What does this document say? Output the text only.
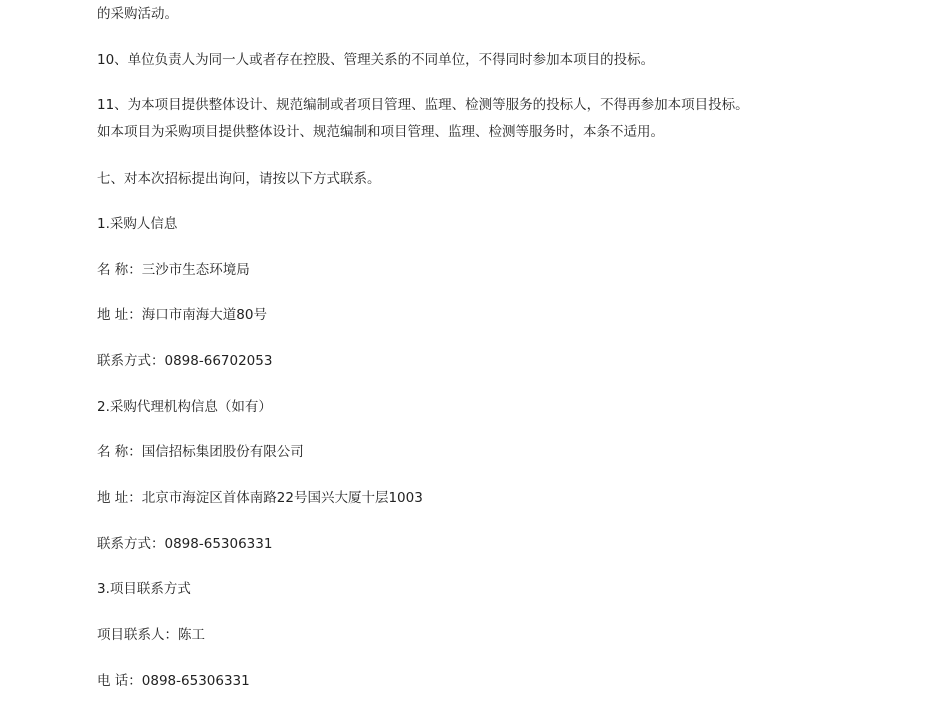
的采购活动。
10、单位负责人为同一人或者存在控股、管理关系的不同单位，不得同时参加本项目的投标。
11、为本项目提供整体设计、规范编制或者项目管理、监理、检测等服务的投标人，不得再参加本项目投标。
如本项目为采购项目提供整体设计、规范编制和项目管理、监理、检测等服务时，本条不适用。
七、对本次招标提出询问，请按以下方式联系。
1.采购人信息
名 称：三沙市生态环境局
地 址：海口市南海大道80号
联系方式：0898-66702053
2.采购代理机构信息（如有）
名 称：国信招标集团股份有限公司
地 址：北京市海淀区首体南路22号国兴大厦十层1003
联系方式：0898-65306331
3.项目联系方式
项目联系人：陈工
电 话：0898-65306331
